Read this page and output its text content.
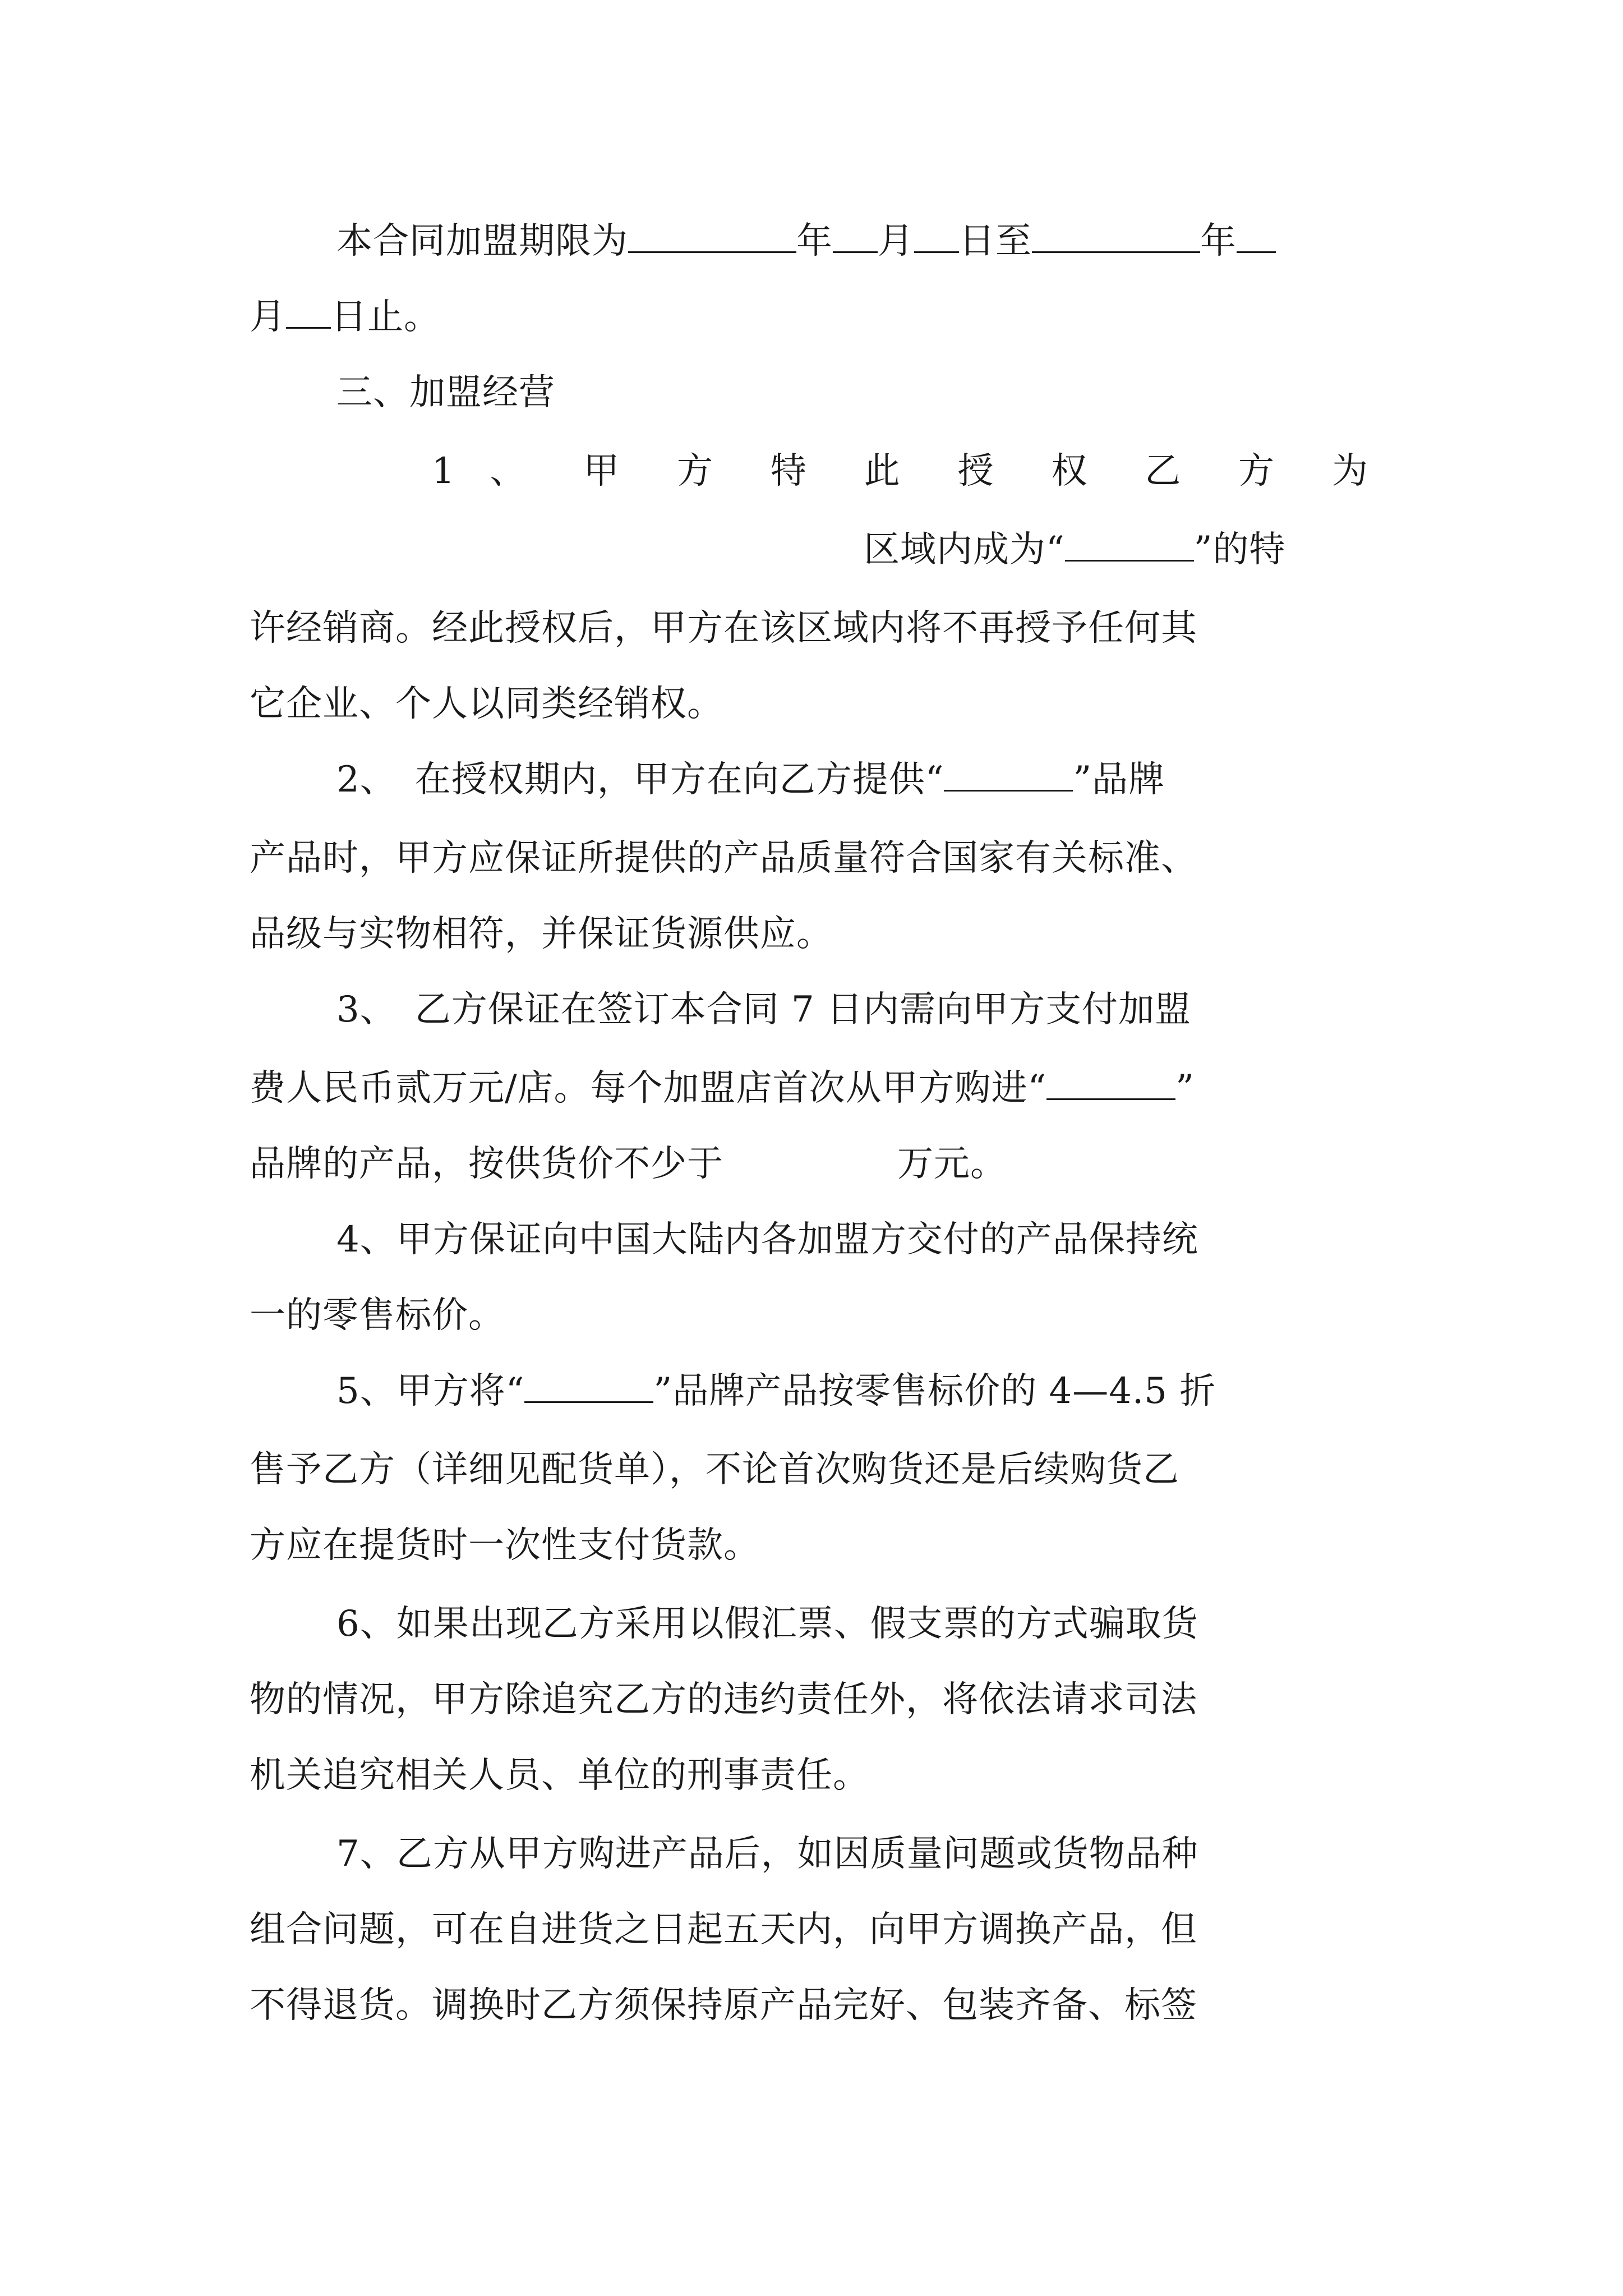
本合同加盟期限为	年 月 日至	年
月 日止。
三、加盟经营
1 、 甲 方 特 此 授 权 乙 方 为
区域内成为“	”的特
许经销商。经此授权后，甲方在该区域内将不再授予任何其
它企业、个人以同类经销权。
2、　在授权期内，甲方在向乙方提供“	”品牌
产品时，甲方应保证所提供的产品质量符合国家有关标准、
品级与实物相符，并保证货源供应。
3、　乙方保证在签订本合同 7 日内需向甲方支付加盟
费人民币贰万元/店。每个加盟店首次从甲方购进“	”
品牌的产品，按供货价不少于	万元。
4、甲方保证向中国大陆内各加盟方交付的产品保持统
一的零售标价。
5、甲方将“	”品牌产品按零售标价的 4—4.5 折
售予乙方（详细见配货单），不论首次购货还是后续购货乙
方应在提货时一次性支付货款。
6、如果出现乙方采用以假汇票、假支票的方式骗取货
物的情况，甲方除追究乙方的违约责任外，将依法请求司法
机关追究相关人员、单位的刑事责任。
7、乙方从甲方购进产品后，如因质量问题或货物品种
组合问题，可在自进货之日起五天内，向甲方调换产品，但
不得退货。调换时乙方须保持原产品完好、包装齐备、标签
